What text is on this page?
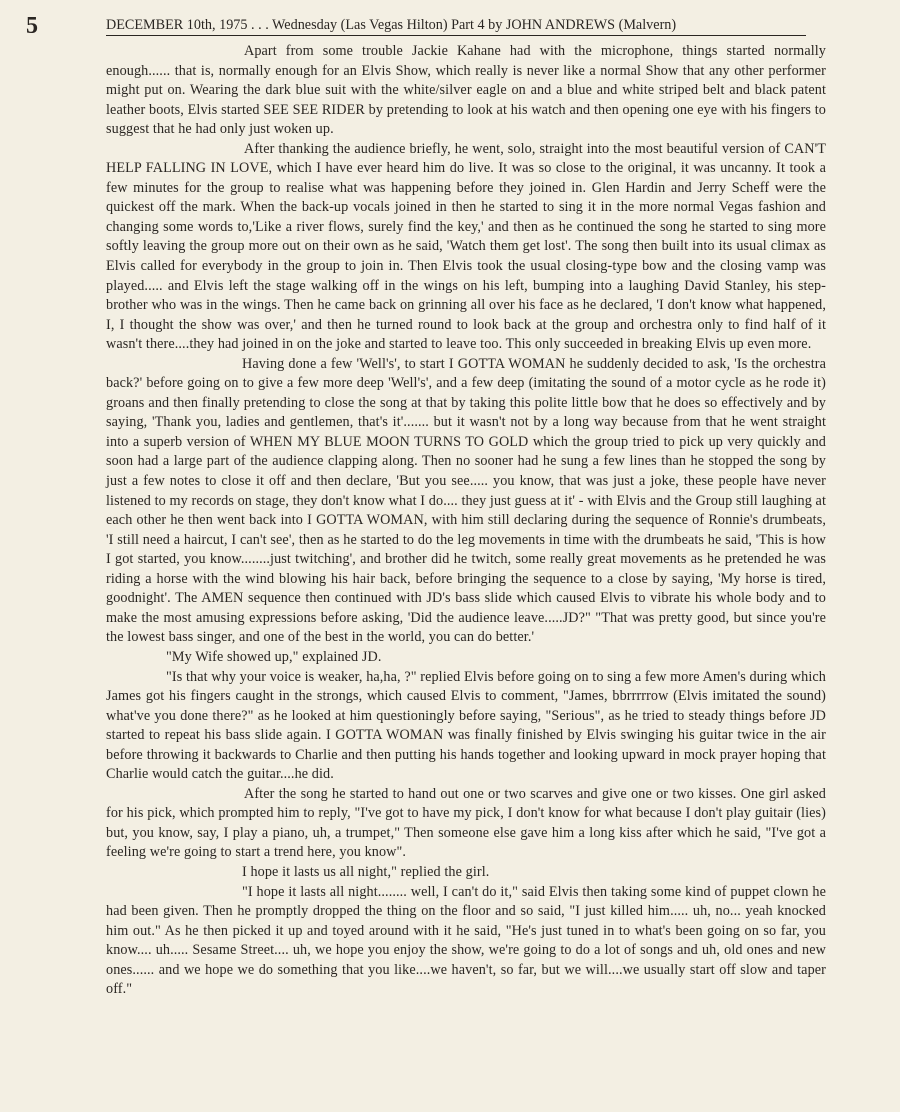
5	DECEMBER 10th, 1975 . . . Wednesday (Las Vegas Hilton) Part 4 by JOHN ANDREWS (Malvern)

Apart from some trouble Jackie Kahane had with the microphone, things started normally enough...... that is, normally enough for an Elvis Show, which really is never like a normal Show that any other performer might put on. Wearing the dark blue suit with the white/silver eagle on and a blue and white striped belt and black patent leather boots, Elvis started SEE SEE RIDER by pretending to look at his watch and then opening one eye with his fingers to suggest that he had only just woken up.

After thanking the audience briefly, he went, solo, straight into the most beautiful version of CAN'T HELP FALLING IN LOVE, which I have ever heard him do live. It was so close to the original, it was uncanny. It took a few minutes for the group to realise what was happening before they joined in. Glen Hardin and Jerry Scheff were the quickest off the mark. When the back-up vocals joined in then he started to sing it in the more normal Vegas fashion and changing some words to,'Like a river flows, surely find the key,' and then as he continued the song he started to sing more softly leaving the group more out on their own as he said, 'Watch them get lost'. The song then built into its usual climax as Elvis called for everybody in the group to join in. Then Elvis took the usual closing-type bow and the closing vamp was played..... and Elvis left the stage walking off in the wings on his left, bumping into a laughing David Stanley, his step-brother who was in the wings. Then he came back on grinning all over his face as he declared, 'I don't know what happened, I, I thought the show was over,' and then he turned round to look back at the group and orchestra only to find half of it wasn't there....they had joined in on the joke and started to leave too. This only succeeded in breaking Elvis up even more.

Having done a few 'Well's', to start I GOTTA WOMAN he suddenly decided to ask, 'Is the orchestra back?' before going on to give a few more deep 'Well's', and a few deep (imitating the sound of a motor cycle as he rode it) groans and then finally pretending to close the song at that by taking this polite little bow that he does so effectively and by saying, 'Thank you, ladies and gentlemen, that's it'....... but it wasn't not by a long way because from that he went straight into a superb version of WHEN MY BLUE MOON TURNS TO GOLD which the group tried to pick up very quickly and soon had a large part of the audience clapping along. Then no sooner had he sung a few lines than he stopped the song by just a few notes to close it off and then declare, 'But you see..... you know, that was just a joke, these people have never listened to my records on stage, they don't know what I do.... they just guess at it' - with Elvis and the Group still laughing at each other he then went back into I GOTTA WOMAN, with him still declaring during the sequence of Ronnie's drumbeats, 'I still need a haircut, I can't see', then as he started to do the leg movements in time with the drumbeats he said, 'This is how I got started, you know........just twitching', and brother did he twitch, some really great movements as he pretended he was riding a horse with the wind blowing his hair back, before bringing the sequence to a close by saying, 'My horse is tired, goodnight'. The AMEN sequence then continued with JD's bass slide which caused Elvis to vibrate his whole body and to make the most amusing expressions before asking, 'Did the audience leave.....JD?" "That was pretty good, but since you're the lowest bass singer, and one of the best in the world, you can do better.'

"My Wife showed up," explained JD.

"Is that why your voice is weaker, ha,ha, ?" replied Elvis before going on to sing a few more Amen's during which James got his fingers caught in the strongs, which caused Elvis to comment, "James, bbrrrrrow (Elvis imitated the sound) what've you done there?" as he looked at him questioningly before saying, "Serious", as he tried to steady things before JD started to repeat his bass slide again. I GOTTA WOMAN was finally finished by Elvis swinging his guitar twice in the air before throwing it backwards to Charlie and then putting his hands together and looking upward in mock prayer hoping that Charlie would catch the guitar....he did.

After the song he started to hand out one or two scarves and give one or two kisses. One girl asked for his pick, which prompted him to reply, "I've got to have my pick, I don't know for what because I don't play guitair (lies) but, you know, say, I play a piano, uh, a trumpet," Then someone else gave him a long kiss after which he said, "I've got a feeling we're going to start a trend here, you know".

I hope it lasts us all night," replied the girl.

"I hope it lasts all night........ well, I can't do it," said Elvis then taking some kind of puppet clown he had been given. Then he promptly dropped the thing on the floor and so said, "I just killed him..... uh, no... yeah knocked him out." As he then picked it up and toyed around with it he said, "He's just tuned in to what's been going on so far, you know.... uh..... Sesame Street.... uh, we hope you enjoy the show, we're going to do a lot of songs and uh, old ones and new ones...... and we hope we do something that you like....we haven't, so far, but we will....we usually start off slow and taper off."
